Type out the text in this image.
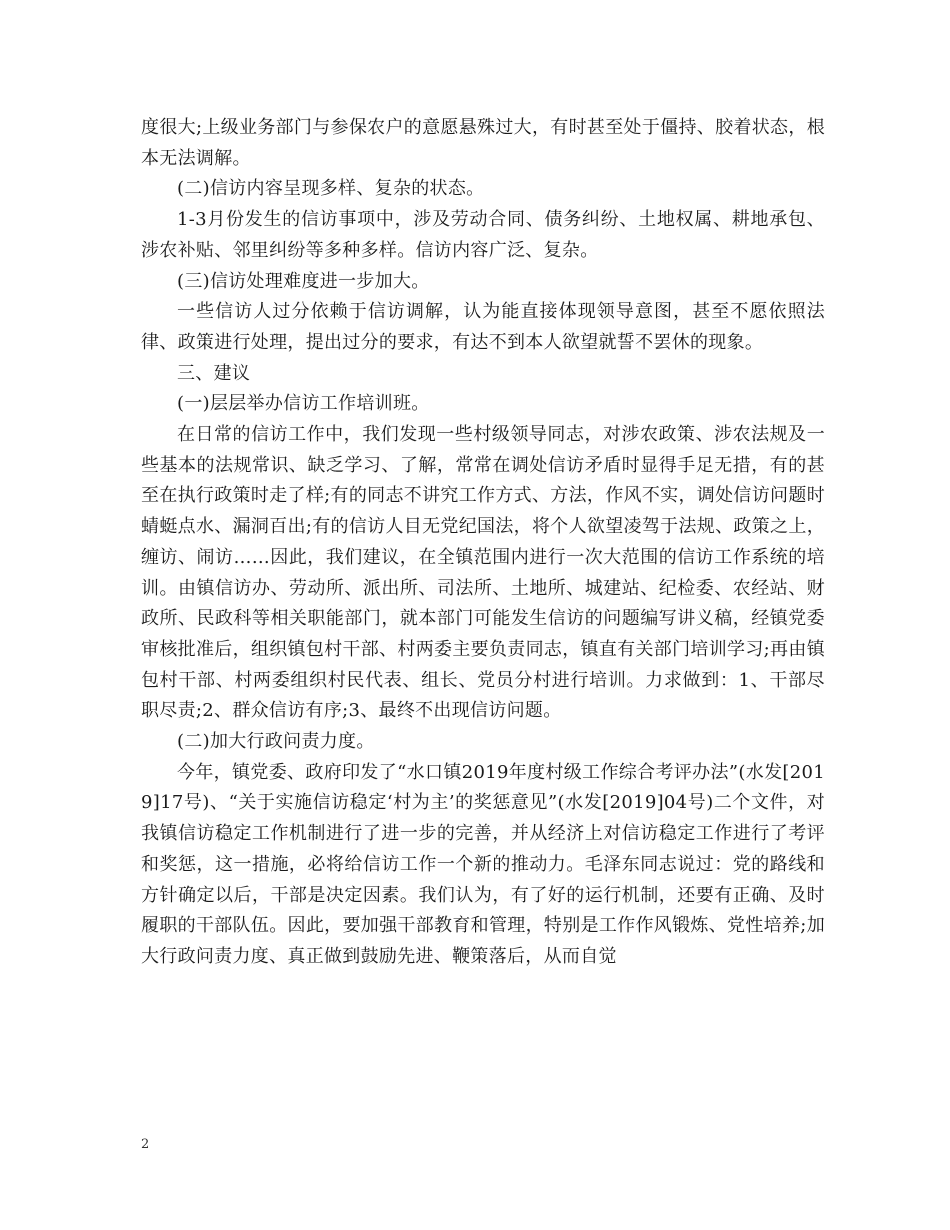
度很大;上级业务部门与参保农户的意愿悬殊过大，有时甚至处于僵持、胶着状态，根本无法调解。

(二)信访内容呈现多样、复杂的状态。

1-3月份发生的信访事项中，涉及劳动合同、债务纠纷、土地权属、耕地承包、涉农补贴、邻里纠纷等多种多样。信访内容广泛、复杂。

(三)信访处理难度进一步加大。

一些信访人过分依赖于信访调解，认为能直接体现领导意图，甚至不愿依照法律、政策进行处理，提出过分的要求，有达不到本人欲望就誓不罢休的现象。

三、建议

(一)层层举办信访工作培训班。

在日常的信访工作中，我们发现一些村级领导同志，对涉农政策、涉农法规及一些基本的法规常识、缺乏学习、了解，常常在调处信访矛盾时显得手足无措，有的甚至在执行政策时走了样;有的同志不讲究工作方式、方法，作风不实，调处信访问题时蜻蜓点水、漏洞百出;有的信访人目无党纪国法，将个人欲望凌驾于法规、政策之上，缠访、闹访……因此，我们建议，在全镇范围内进行一次大范围的信访工作系统的培训。由镇信访办、劳动所、派出所、司法所、土地所、城建站、纪检委、农经站、财政所、民政科等相关职能部门，就本部门可能发生信访的问题编写讲义稿，经镇党委审核批准后，组织镇包村干部、村两委主要负责同志，镇直有关部门培训学习;再由镇包村干部、村两委组织村民代表、组长、党员分村进行培训。力求做到：1、干部尽职尽责;2、群众信访有序;3、最终不出现信访问题。

(二)加大行政问责力度。

今年，镇党委、政府印发了“水口镇2019年度村级工作综合考评办法”(水发[2019]17号)、“关于实施信访稳定‘村为主’的奖惩意见”(水发[2019]04号)二个文件，对我镇信访稳定工作机制进行了进一步的完善，并从经济上对信访稳定工作进行了考评和奖惩，这一措施，必将给信访工作一个新的推动力。毛泽东同志说过：党的路线和方针确定以后，干部是决定因素。我们认为，有了好的运行机制，还要有正确、及时履职的干部队伍。因此，要加强干部教育和管理，特别是工作作风锻炼、党性培养;加大行政问责力度、真正做到鼓励先进、鞭策落后，从而自觉

2
